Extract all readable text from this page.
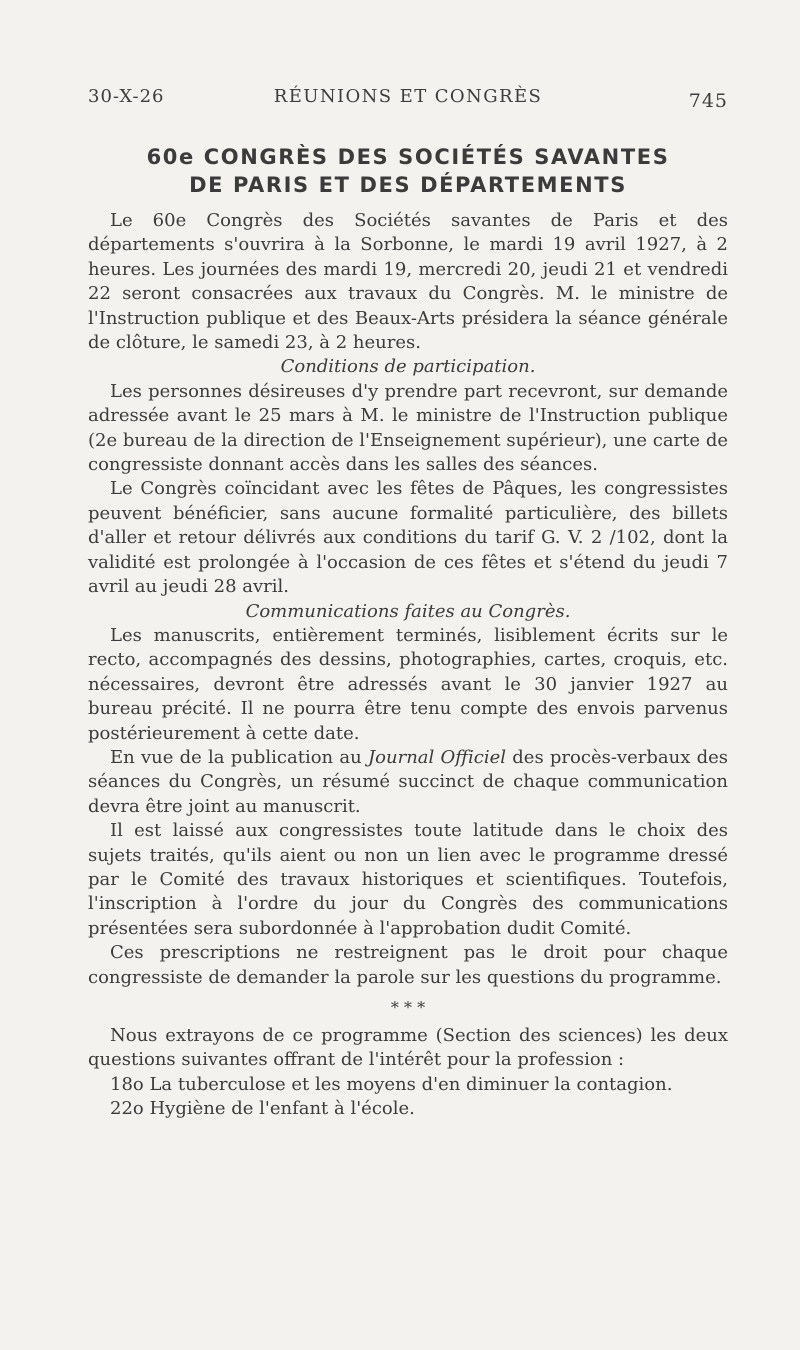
30-X-26	RÉUNIONS ET CONGRÈS	745
60e CONGRÈS DES SOCIÉTÉS SAVANTES
DE PARIS ET DES DÉPARTEMENTS

Le 60e Congrès des Sociétés savantes de Paris et des départements s'ouvrira à la Sorbonne, le mardi 19 avril 1927, à 2 heures. Les journées des mardi 19, mercredi 20, jeudi 21 et vendredi 22 seront consacrées aux travaux du Congrès. M. le ministre de l'Instruction publique et des Beaux-Arts présidera la séance générale de clôture, le samedi 23, à 2 heures.

Conditions de participation.

Les personnes désireuses d'y prendre part recevront, sur demande adressée avant le 25 mars à M. le ministre de l'Instruction publique (2e bureau de la direction de l'Enseignement supérieur), une carte de congressiste donnant accès dans les salles des séances.

Le Congrès coïncidant avec les fêtes de Pâques, les congressistes peuvent bénéficier, sans aucune formalité particulière, des billets d'aller et retour délivrés aux conditions du tarif G. V. 2 /102, dont la validité est prolongée à l'occasion de ces fêtes et s'étend du jeudi 7 avril au jeudi 28 avril.

Communications faites au Congrès.

Les manuscrits, entièrement terminés, lisiblement écrits sur le recto, accompagnés des dessins, photographies, cartes, croquis, etc. nécessaires, devront être adressés avant le 30 janvier 1927 au bureau précité. Il ne pourra être tenu compte des envois parvenus postérieurement à cette date.

En vue de la publication au Journal Officiel des procès-verbaux des séances du Congrès, un résumé succinct de chaque communication devra être joint au manuscrit.

Il est laissé aux congressistes toute latitude dans le choix des sujets traités, qu'ils aient ou non un lien avec le programme dressé par le Comité des travaux historiques et scientifiques. Toutefois, l'inscription à l'ordre du jour du Congrès des communications présentées sera subordonnée à l'approbation dudit Comité.

Ces prescriptions ne restreignent pas le droit pour chaque congressiste de demander la parole sur les questions du programme.

* * *

Nous extrayons de ce programme (Section des sciences) les deux questions suivantes offrant de l'intérêt pour la profession :

18o La tuberculose et les moyens d'en diminuer la contagion.

22o Hygiène de l'enfant à l'école.
